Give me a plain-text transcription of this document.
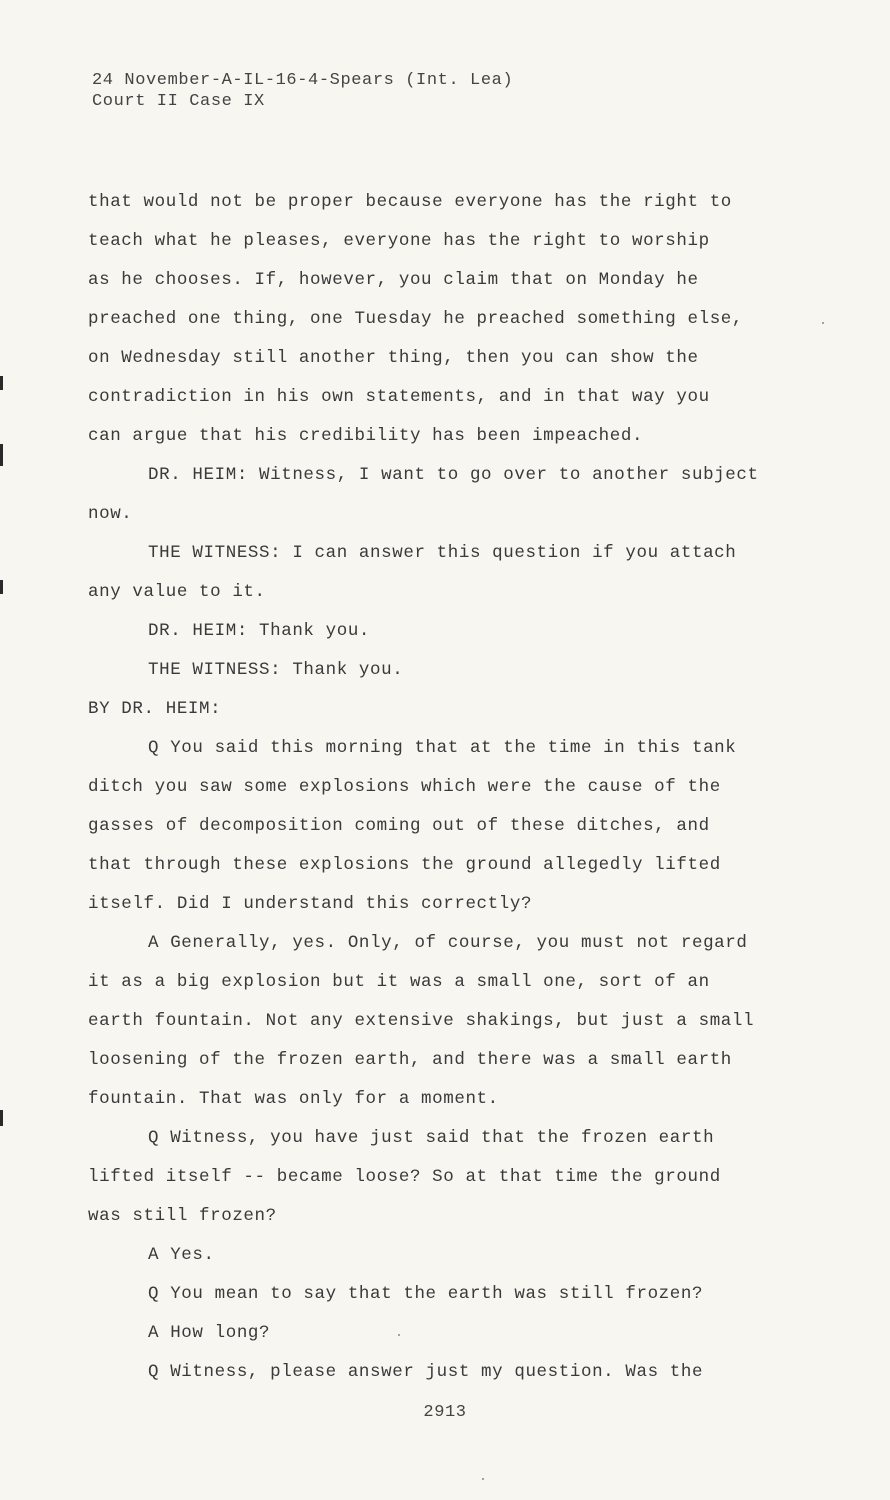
24 November-A-IL-16-4-Spears (Int. Lea)
Court II Case IX
that would not be proper because everyone has the right to
teach what he pleases, everyone has the right to worship
as he chooses. If, however, you claim that on Monday he
preached one thing, one Tuesday he preached something else,
on Wednesday still another thing, then you can show the
contradiction in his own statements, and in that way you
can argue that his credibility has been impeached.
DR. HEIM: Witness, I want to go over to another subject
now.
THE WITNESS: I can answer this question if you attach
any value to it.
DR. HEIM: Thank you.
THE WITNESS: Thank you.
BY DR. HEIM:
Q You said this morning that at the time in this tank
ditch you saw some explosions which were the cause of the
gasses of decomposition coming out of these ditches, and
that through these explosions the ground allegedly lifted
itself. Did I understand this correctly?
A Generally, yes. Only, of course, you must not regard
it as a big explosion but it was a small one, sort of an
earth fountain. Not any extensive shakings, but just a small
loosening of the frozen earth, and there was a small earth
fountain. That was only for a moment.
Q Witness, you have just said that the frozen earth
lifted itself -- became loose? So at that time the ground
was still frozen?
A Yes.
Q You mean to say that the earth was still frozen?
A How long?
Q Witness, please answer just my question. Was the
2913
